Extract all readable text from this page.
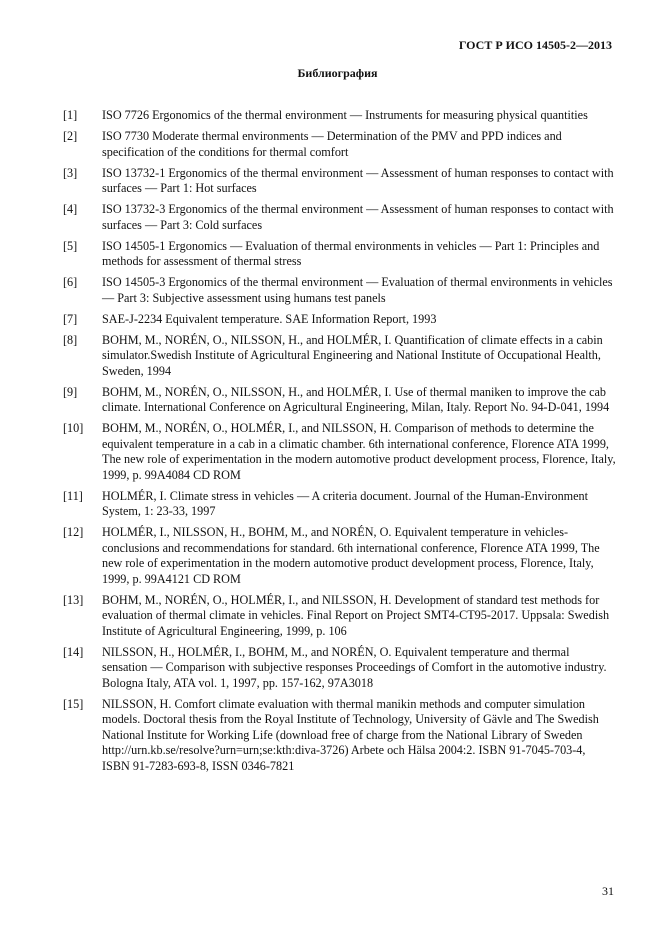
ГОСТ Р ИСО 14505-2—2013
Библиография
[1]	ISO 7726 Ergonomics of the thermal environment — Instruments for measuring physical quantities
[2]	ISO 7730 Moderate thermal environments — Determination of the PMV and PPD indices and specification of the conditions for thermal comfort
[3]	ISO 13732-1 Ergonomics of the thermal environment — Assessment of human responses to contact with surfaces — Part 1: Hot surfaces
[4]	ISO 13732-3 Ergonomics of the thermal environment — Assessment of human responses to contact with surfaces — Part 3: Cold surfaces
[5]	ISO 14505-1 Ergonomics — Evaluation of thermal environments in vehicles — Part 1: Principles and methods for assessment of thermal stress
[6]	ISO 14505-3 Ergonomics of the thermal environment — Evaluation of thermal environments in vehicles — Part 3: Subjective assessment using humans test panels
[7]	SAE-J-2234 Equivalent temperature. SAE Information Report, 1993
[8]	BOHM, M., NORÉN, O., NILSSON, H., and HOLMÉR, I. Quantification of climate effects in a cabin simulator.Swedish Institute of Agricultural Engineering and National Institute of Occupational Health, Sweden, 1994
[9]	BOHM, M., NORÉN, O., NILSSON, H., and HOLMÉR, I. Use of thermal maniken to improve the cab climate. International Conference on Agricultural Engineering, Milan, Italy. Report No. 94-D-041, 1994
[10]	BOHM, M., NORÉN, O., HOLMÉR, I., and NILSSON, H. Comparison of methods to determine the equivalent temperature in a cab in a climatic chamber. 6th international conference, Florence ATA 1999, The new role of experimentation in the modern automotive product development process, Florence, Italy, 1999, p. 99A4084 CD ROM
[11]	HOLMÉR, I. Climate stress in vehicles — A criteria document. Journal of the Human-Environment System, 1: 23-33, 1997
[12]	HOLMÉR, I., NILSSON, H., BOHM, M., and NORÉN, O. Equivalent temperature in vehicles-conclusions and recommendations for standard. 6th international conference, Florence ATA 1999, The new role of experimentation in the modern automotive product development process, Florence, Italy, 1999, p. 99A4121 CD ROM
[13]	BOHM, M., NORÉN, O., HOLMÉR, I., and NILSSON, H. Development of standard test methods for evaluation of thermal climate in vehicles. Final Report on Project SMT4-CT95-2017. Uppsala: Swedish Institute of Agricultural Engineering, 1999, p. 106
[14]	NILSSON, H., HOLMÉR, I., BOHM, M., and NORÉN, O. Equivalent temperature and thermal sensation — Comparison with subjective responses Proceedings of Comfort in the automotive industry. Bologna Italy, ATA vol. 1, 1997, pp. 157-162, 97A3018
[15]	NILSSON, H. Comfort climate evaluation with thermal manikin methods and computer simulation models. Doctoral thesis from the Royal Institute of Technology, University of Gävle and The Swedish National Institute for Working Life (download free of charge from the National Library of Sweden http://urn.kb.se/resolve?urn=urn;se:kth:diva-3726) Arbete och Hälsa 2004:2. ISBN 91-7045-703-4, ISBN 91-7283-693-8, ISSN 0346-7821
31
